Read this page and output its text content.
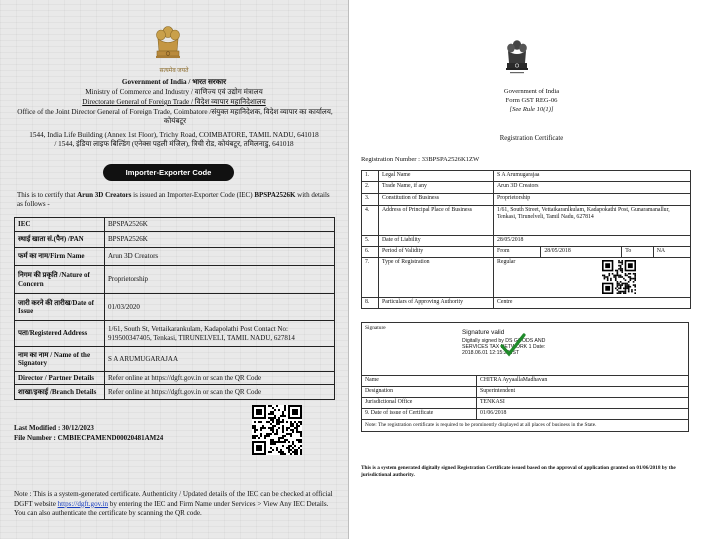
सत्यमेव जयते
Government of India / भारत सरकार
Ministry of Commerce and Industry / वाणिज्य एवं उद्योग मंत्रालय
Directorate General of Foreign Trade / विदेश व्यापार महानिदेशालय
Office of the Joint Director General of Foreign Trade, Coimbatore /संयुक्त महानिदेशक, विदेश व्यापार का कार्यालय, कोयंबटूर
1544, India Life Building (Annex 1st Floor), Trichy Road, COIMBATORE, TAMIL NADU, 641018
/ 1544, इंडिया लाइफ बिल्डिंग (एनेक्स पहली मंजिल), त्रिची रोड, कोयंबटूर, तमिलनाडु, 641018
Importer-Exporter Code
This is to certify that Arun 3D Creators is issued an Importer-Exporter Code (IEC) BPSPA2526K with details as follows -
IEC	BPSPA2526K
स्थाई खाता सं.(पैन) /PAN	BPSPA2526K
फर्म का नाम/Firm Name	Arun 3D Creators
निगम की प्रकृति /Nature of Concern	Proprietorship
जारी करने की तारीख/Date of Issue	01/03/2020
पता/Registered Address	1/61, South St, Vettaikarankulam, Kadapolathi Post Contact No: 919500347405, Tenkasi, TIRUNELVELI, TAMIL NADU, 627814
नाम का नाम / Name of the Signatory	S A ARUMUGARAJAA
Director / Partner Details	Refer online at https://dgft.gov.in or scan the QR Code
शाखा/इकाई /Branch Details	Refer online at https://dgft.gov.in or scan the QR Code
Last Modified : 30/12/2023
File Number : CMBIECPAMEND00020481AM24
Note : This is a system-generated certificate. Authenticity / Updated details of the IEC can be checked at official DGFT website https://dgft.gov.in by entering the IEC and Firm Name under Services > View Any IEC Details. You can also authenticate the certificate by scanning the QR code.
Government of India
Form GST REG-06
[See Rule 10(1)]
Registration Certificate
Registration Number : 33BPSPA2526K1ZW
1.	Legal Name	S A Arumugarajaa			
2.	Trade Name, if any	Arun 3D Creators			
3.	Constitution of Business	Proprietorship			
4.	Address of Principal Place of Business	1/61, South Street, Vettaikaranlkulam, Kadapokathi Post, Gunaramanallur, Tenkasi, Tirunelveli, Tamil Nadu, 627814			
5.	Date of Liability	28/05/2018			
6.	Period of Validity	From	28/05/2018	To	NA
7.	Type of Registration	Regular			

8.	Particulars of Approving Authority	Centre			
Signature
Signature valid
Digitally signed by DS GOODS AND SERVICES TAX NETWORK 1 Date: 2018.06.01 12:15:22 IST
Name	CHITRA AyyaallaMadhavan
Designation	Superintendent
Jurisdictional Office	TENKASI
9. Date of issue of Certificate	01/06/2018
Note: The registration certificate is required to be prominently displayed at all places of business in the State.	
This is a system generated digitally signed Registration Certificate issued based on the approval of application granted on 01/06/2018 by the jurisdictional authority.
